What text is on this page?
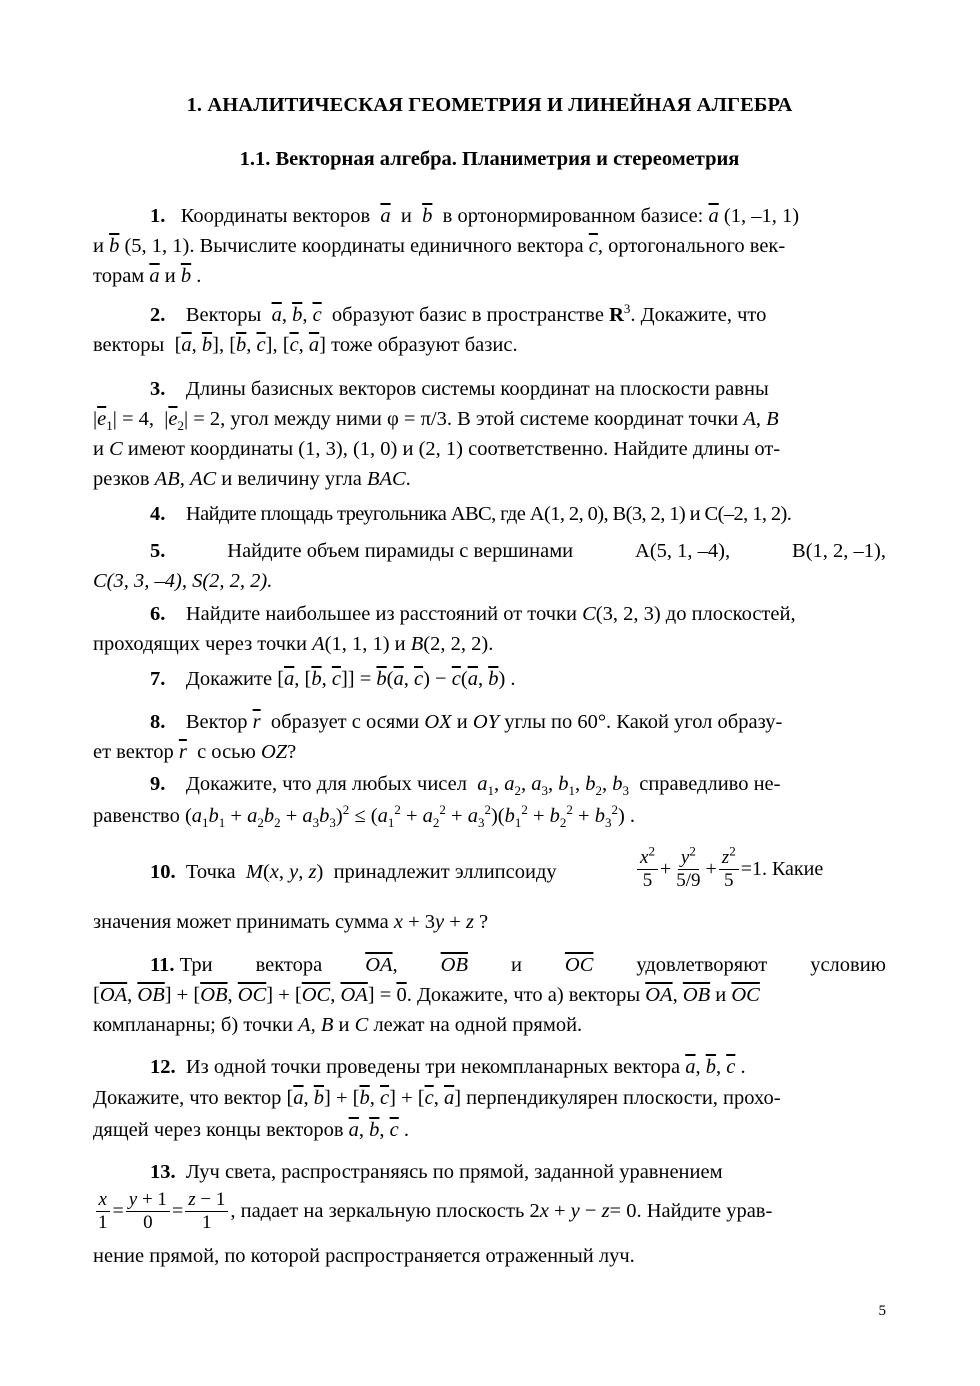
1. АНАЛИТИЧЕСКАЯ ГЕОМЕТРИЯ И ЛИНЕЙНАЯ АЛГЕБРА
1.1. Векторная алгебра. Планиметрия и стереометрия
1. Координаты векторов $\overline{a}$ и $\overline{b}$ в ортонормированном базисе: $\overline{a}$ (1, –1, 1)
и $\overline{b}$ (5, 1, 1). Вычислите координаты единичного вектора $\overline{c}$, ортогонального век-
торам $\overline{a}$ и $\overline{b}$ .
2. Векторы $\overline{a}$, $\overline{b}$, $\overline{c}$ образуют базис в пространстве $R^3$. Докажите, что
векторы  [$\overline{a}$, $\overline{b}$], [$\overline{b}$, $\overline{c}$], [$\overline{c}$, $\overline{a}$] тоже образуют базис.
3. Длины базисных векторов системы координат на плоскости равны
$|\overline{e}_1| = 4$,  $|\overline{e}_2| = 2$, угол между ними φ = π/3. В этой системе координат точки A, B
и C имеют координаты (1, 3), (1, 0) и (2, 1) соответственно. Найдите длины от-
резков AB, AC и величину угла BAC.
4. Найдите площадь треугольника ABC, где A(1, 2, 0), B(3, 2, 1) и C(–2, 1, 2).
5.	Найдите объем пирамиды с вершинами	A(5, 1, –4),	B(1, 2, –1),
C(3, 3, –4), S(2, 2, 2).
6. Найдите наибольшее из расстояний от точки C(3, 2, 3) до плоскостей,
проходящих через точки A(1, 1, 1) и B(2, 2, 2).
7. Докажите [$\overline{a}$, [$\overline{b}$, $\overline{c}]] = \overline{b}(\overline{a}$, $\overline{c}) - \overline{c}(\overline{a}$, $\overline{b}$) .
8. Вектор $\overline{r}$ образует с осями OX и OY углы по 60°. Какой угол образу-
ет вектор $\overline{r}$ с осью OZ?
9. Докажите, что для любых чисел $a_1$, $a_2$, $a_3$, $b_1$, $b_2$, $b_3$ справедливо не-
равенство $(a_1b_1 + a_2b_2 + a_3b_3)^2 \le (a_1^2 + a_2^2 + a_3^2)(b_1^2 + b_2^2 + b_3^2)$ .
10. Точка M(x, y, z)  принадлежит эллипсоиду	$\frac{x^2}{5} + \frac{y^2}{5/9} + \frac{z^2}{5} =1$ . Какие
значения может принимать сумма x + 3y + z ?
11. Три вектора $\overline{OA}$, $\overline{OB}$ и $\overline{OC}$ удовлетворяют условию
[$\overline{OA}$, $\overline{OB}] + [\overline{OB}$, $\overline{OC}] + [\overline{OC}$, $\overline{OA}] = 0$. Докажите, что а) векторы $\overline{OA}$, $\overline{OB}$ и $\overline{OC}$
компланарны; б) точки A, B и C лежат на одной прямой.
12. Из одной точки проведены три некомпланарных вектора $\overline{a}$, $\overline{b}$, $\overline{c}$ .
Докажите, что вектор [$\overline{a}$, $\overline{b}] + [\overline{b}$, $\overline{c}] + [\overline{c}$, $\overline{a}$] перпендикулярен плоскости, прохо-
дящей через концы векторов $\overline{a}$, $\overline{b}$, $\overline{c}$ .
13. Луч света, распространяясь по прямой, заданной уравнением
$\frac{x}{1} = \frac{y + 1}{0} = \frac{z - 1}{1}$ , падает на зеркальную плоскость 2 x + y − z = 0. Найдите урав-
нение прямой, по которой распространяется отраженный луч.
5
